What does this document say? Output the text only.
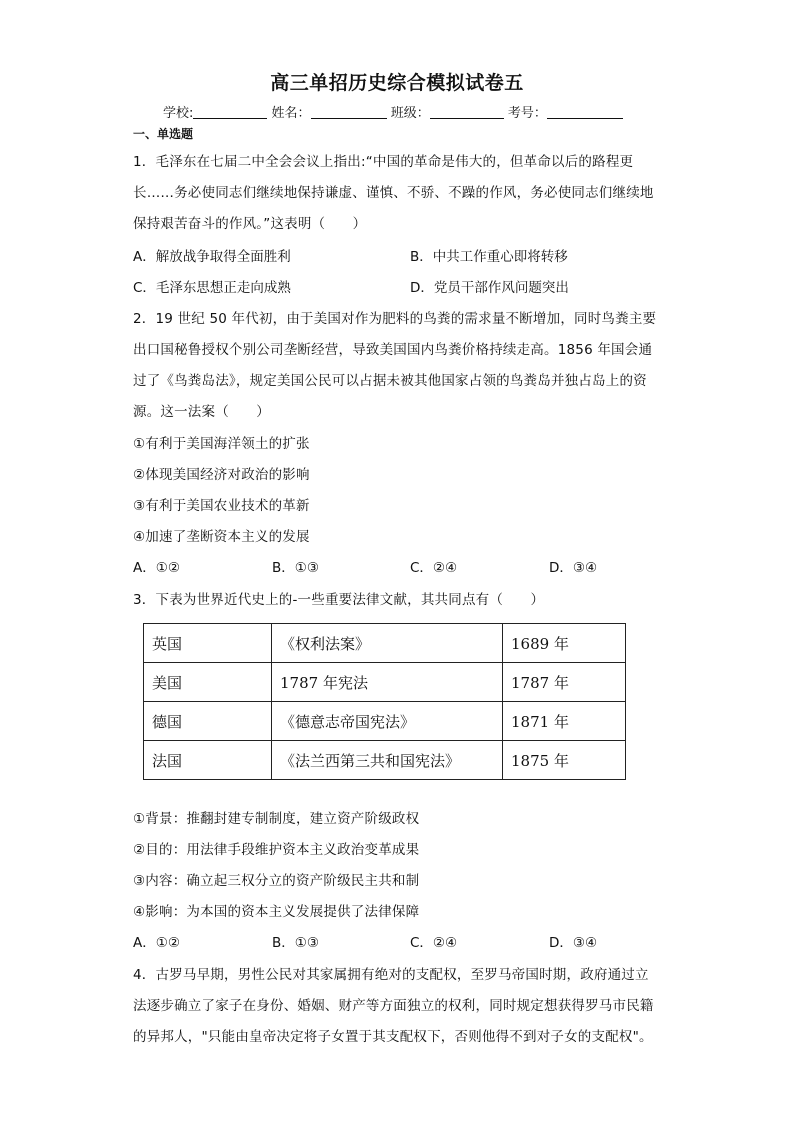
高三单招历史综合模拟试卷五
学校:	姓名：	班级：	考号：
一、单选题
1．毛泽东在七届二中全会会议上指出:“中国的革命是伟大的，但革命以后的路程更
长……务必使同志们继续地保持谦虚、谨慎、不骄、不躁的作风，务必使同志们继续地
保持艰苦奋斗的作风。”这表明（　　）
A．解放战争取得全面胜利	B．中共工作重心即将转移
C．毛泽东思想正走向成熟	D．党员干部作风问题突出
2．19 世纪 50 年代初，由于美国对作为肥料的鸟粪的需求量不断增加，同时鸟粪主要
出口国秘鲁授权个别公司垄断经营，导致美国国内鸟粪价格持续走高。1856 年国会通
过了《鸟粪岛法》，规定美国公民可以占据未被其他国家占领的鸟粪岛并独占岛上的资
源。这一法案（　　）
①有利于美国海洋领土的扩张
②体现美国经济对政治的影响
③有利于美国农业技术的革新
④加速了垄断资本主义的发展
A．①②	B．①③	C．②④	D．③④
3．下表为世界近代史上的-一些重要法律文献，其共同点有（　　）
英国	《权利法案》	1689 年
美国	1787 年宪法	1787 年
德国	《德意志帝国宪法》	1871 年
法国	《法兰西第三共和国宪法》	1875 年
①背景：推翻封建专制制度，建立资产阶级政权
②目的：用法律手段维护资本主义政治变革成果
③内容：确立起三权分立的资产阶级民主共和制
④影响：为本国的资本主义发展提供了法律保障
A．①②	B．①③	C．②④	D．③④
4．古罗马早期，男性公民对其家属拥有绝对的支配权，至罗马帝国时期，政府通过立
法逐步确立了家子在身份、婚姻、财产等方面独立的权利，同时规定想获得罗马市民籍
的异邦人，"只能由皇帝决定将子女置于其支配权下，否则他得不到对子女的支配权"。
